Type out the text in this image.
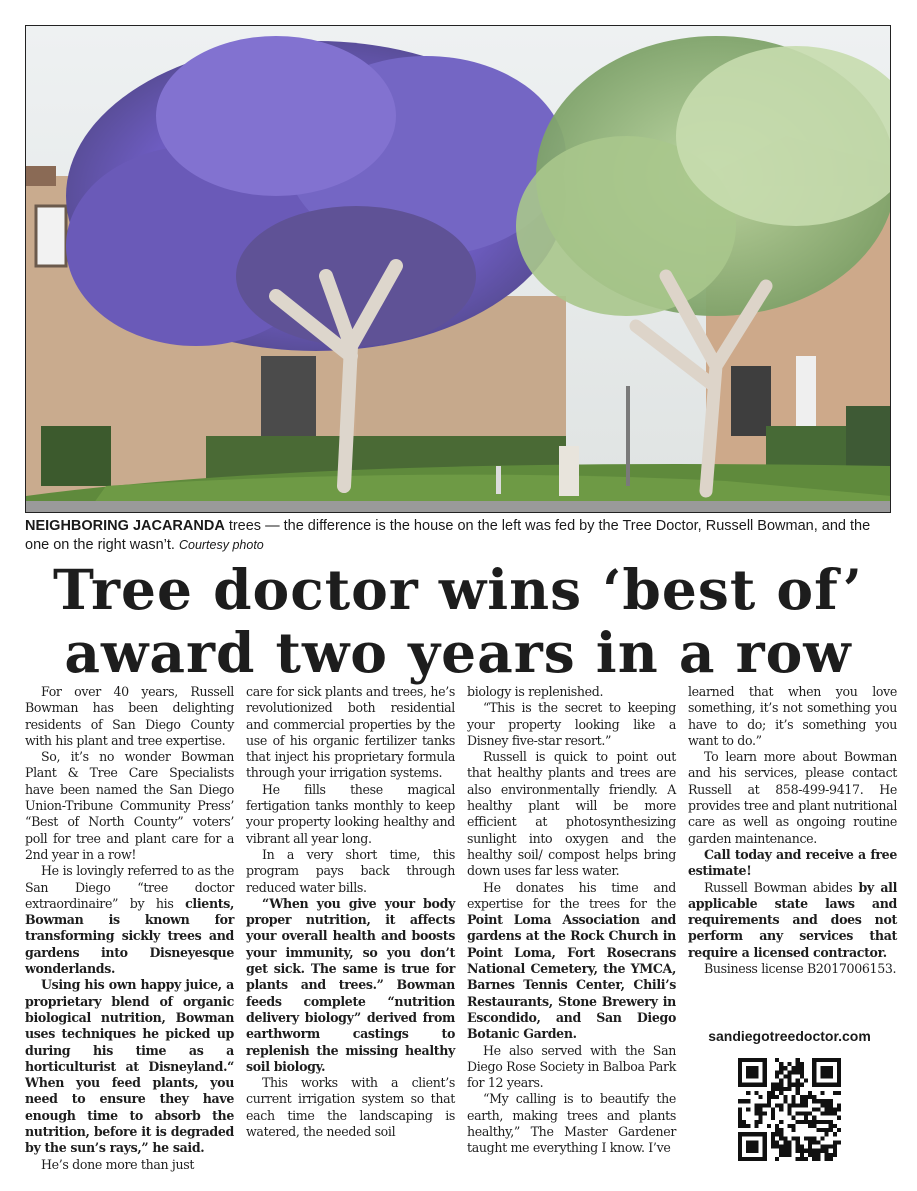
NEIGHBORING JACARANDA trees — the difference is the house on the left was fed by the Tree Doctor, Russell Bowman, and the one on the right wasn’t. Courtesy photo
Tree doctor wins ‘best of’
award two years in a row

For over 40 years, Russell Bowman has been delighting residents of San Diego County with his plant and tree expertise.

So, it’s no wonder Bowman Plant & Tree Care Specialists have been named the San Diego Union-Tribune Community Press’ “Best of North County” voters’ poll for tree and plant care for a 2nd year in a row!

He is lovingly referred to as the San Diego “tree doctor extraordinaire” by his clients, Bowman is known for transforming sickly trees and gardens into Disneyesque wonderlands.

Using his own happy juice, a proprietary blend of organic biological nutrition, Bowman uses techniques he picked up during his time as a horticulturist at Disneyland.“ When you feed plants, you need to ensure they have enough time to absorb the nutrition, before it is degraded by the sun’s rays,” he said.

He’s done more than just

care for sick plants and trees, he’s revolutionized both residential and commercial properties by the use of his organic fertilizer tanks that inject his proprietary formula through your irrigation systems.

He fills these magical fertigation tanks monthly to keep your property looking healthy and vibrant all year long.

In a very short time, this program pays back through reduced water bills.

“When you give your body proper nutrition, it affects your overall health and boosts your immunity, so you don’t get sick. The same is true for plants and trees.” Bowman feeds complete “nutrition delivery biology” derived from earthworm castings to replenish the missing healthy soil biology.

This works with a client’s current irrigation system so that each time the landscaping is watered, the needed soil

biology is replenished.

“This is the secret to keeping your property looking like a Disney five-star resort.”

Russell is quick to point out that healthy plants and trees are also environmentally friendly. A healthy plant will be more efficient at photosynthesizing sunlight into oxygen and the healthy soil/ compost helps bring down uses far less water.

He donates his time and expertise for the trees for the Point Loma Association and gardens at the Rock Church in Point Loma, Fort Rosecrans National Cemetery, the YMCA, Barnes Tennis Center, Chili’s Restaurants, Stone Brewery in Escondido, and San Diego Botanic Garden.

He also served with the San Diego Rose Society in Balboa Park for 12 years.

“My calling is to beautify the earth, making trees and plants healthy,” The Master Gardener taught me everything I know. I’ve

learned that when you love something, it’s not something you have to do; it’s something you want to do.”

To learn more about Bowman and his services, please contact Russell at 858-499-9417. He provides tree and plant nutritional care as well as ongoing routine garden maintenance.

Call today and receive a free estimate!

Russell Bowman abides by all applicable state laws and requirements and does not perform any services that require a licensed contractor.

Business license B2017006153.

sandiegotreedoctor.com
